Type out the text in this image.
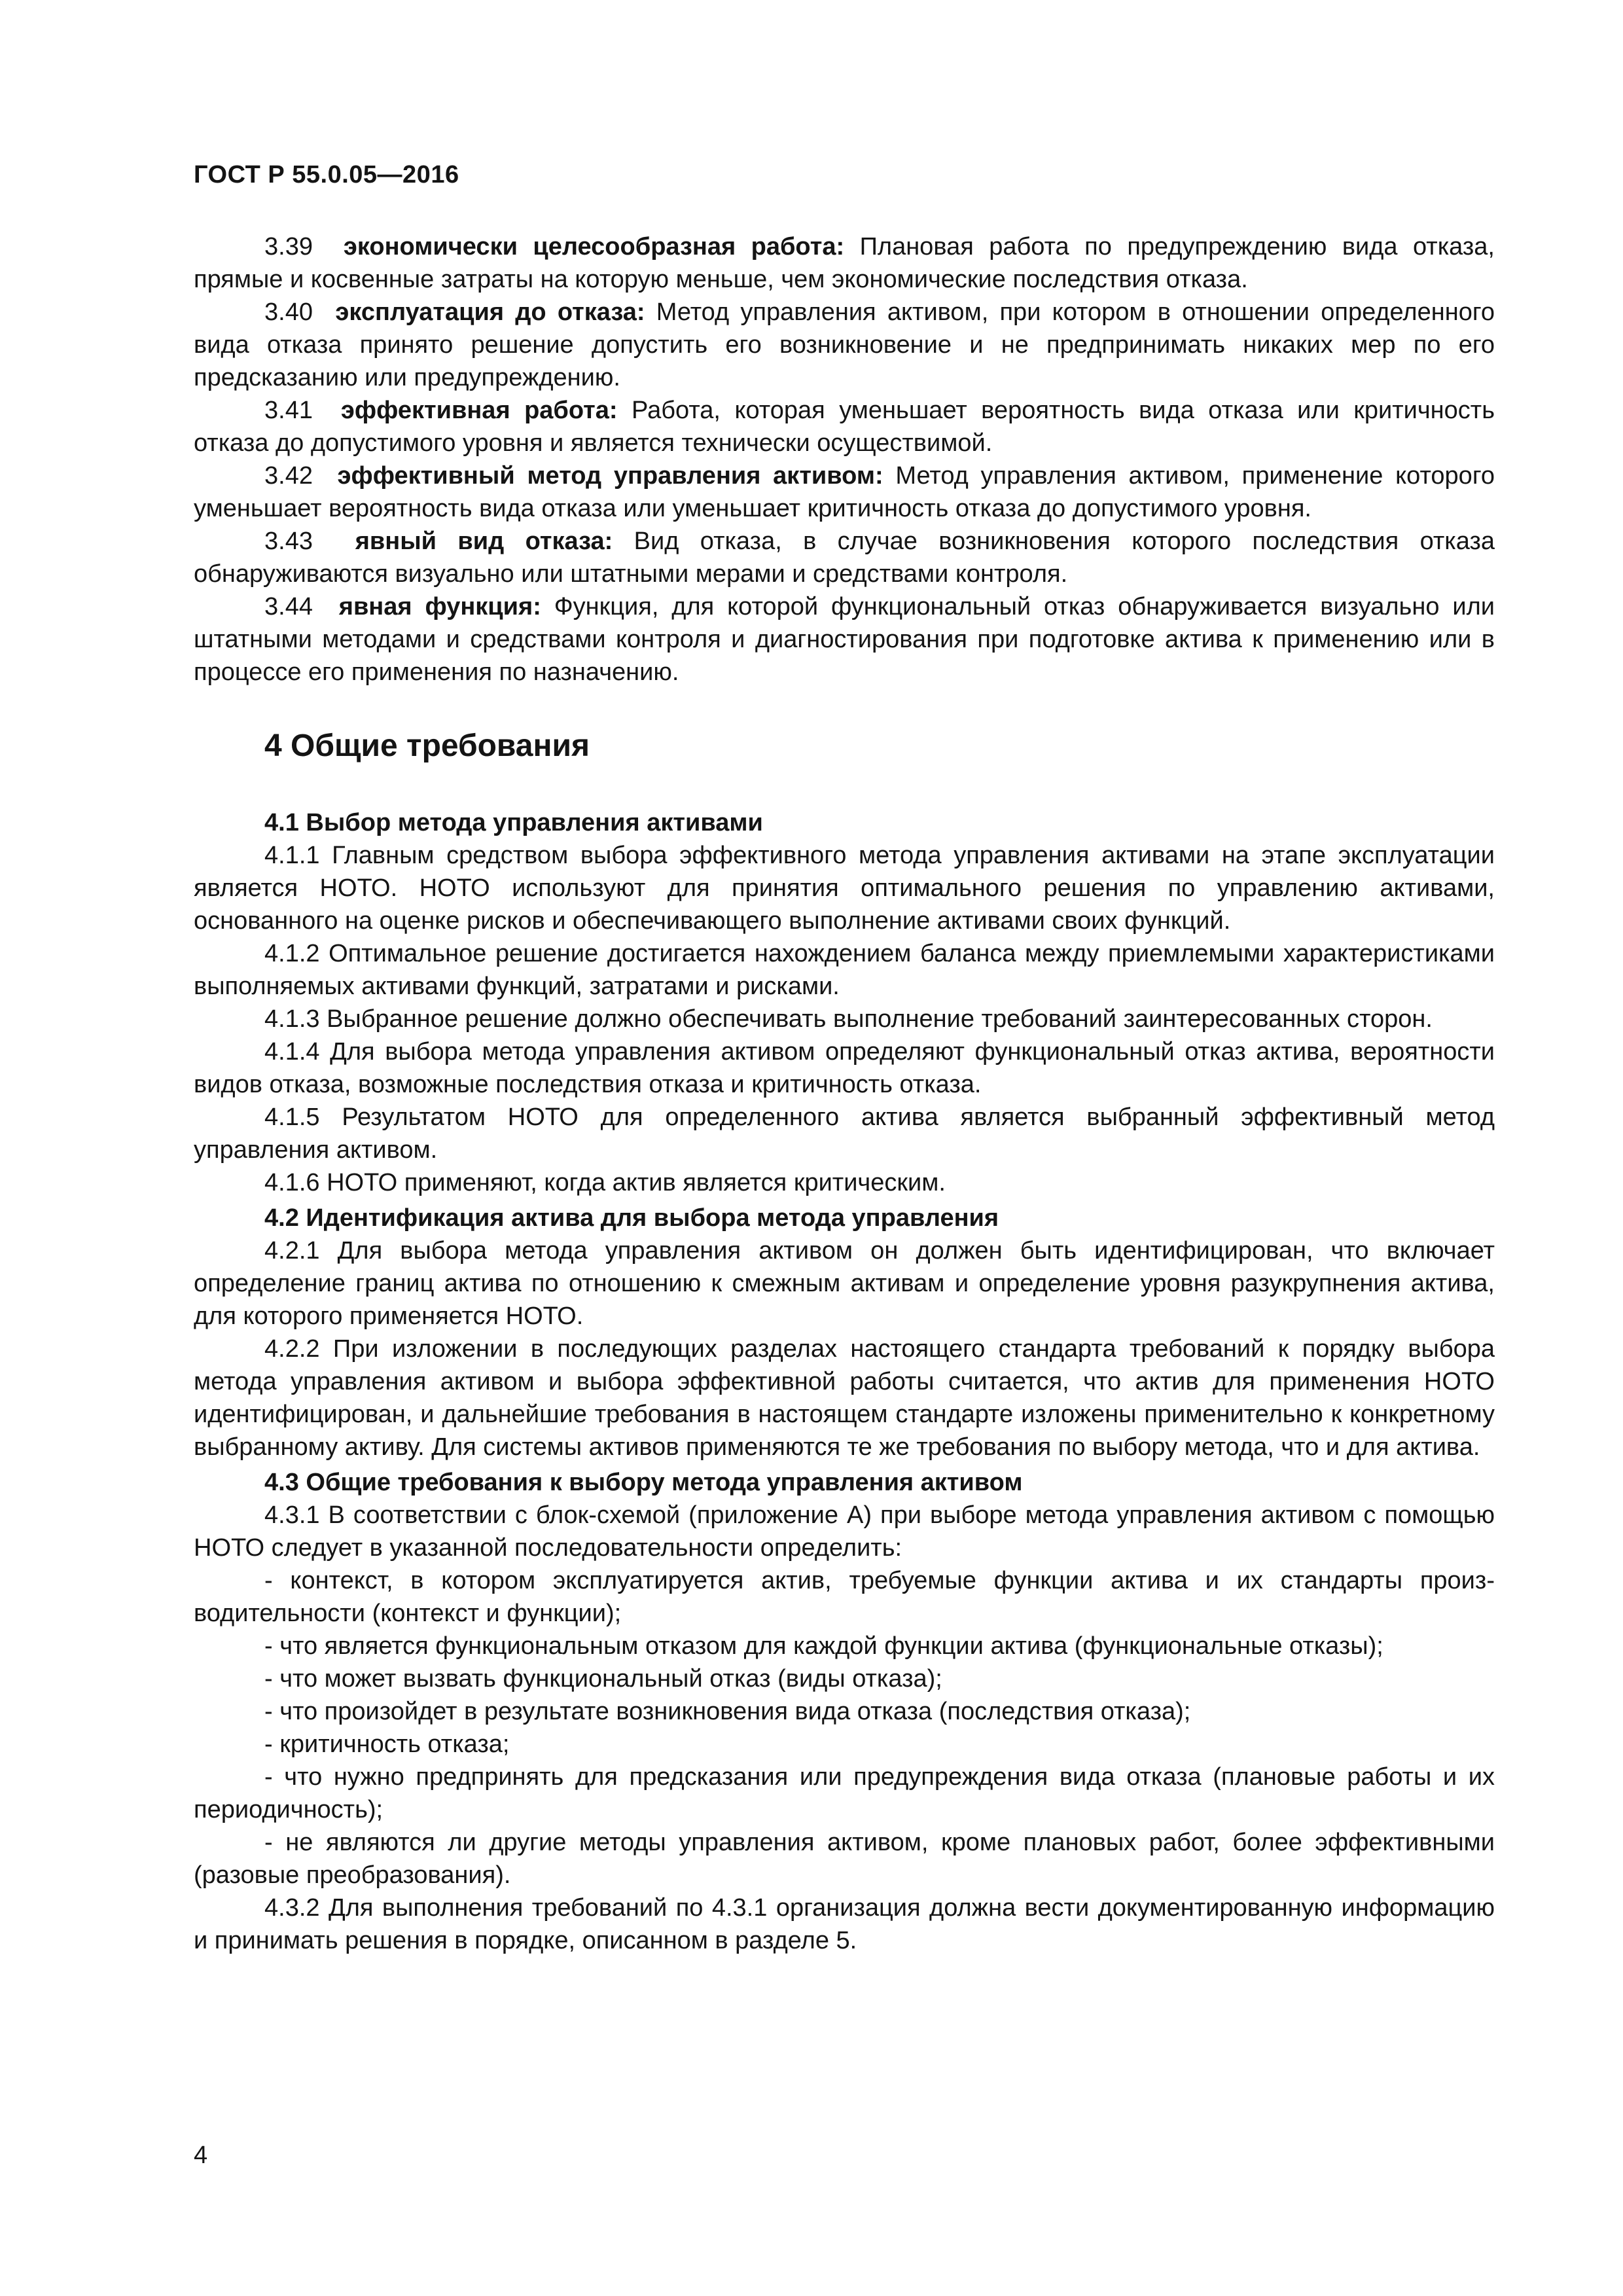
ГОСТ Р 55.0.05—2016

3.39 экономически целесообразная работа: Плановая работа по предупреждению вида отказа, прямые и косвенные затраты на которую меньше, чем экономические последствия отказа.

3.40 эксплуатация до отказа: Метод управления активом, при котором в отношении определенного вида отказа принято решение допустить его возникновение и не предпринимать никаких мер по его предсказанию или предупреждению.

3.41 эффективная работа: Работа, которая уменьшает вероятность вида отказа или критичность отказа до допустимого уровня и является технически осуществимой.

3.42 эффективный метод управления активом: Метод управления активом, применение которого уменьшает вероятность вида отказа или уменьшает критичность отказа до допустимого уровня.

3.43 явный вид отказа: Вид отказа, в случае возникновения которого последствия отказа обнаруживаются визуально или штатными мерами и средствами контроля.

3.44 явная функция: Функция, для которой функциональный отказ обнаруживается визуально или штатными методами и средствами контроля и диагностирования при подготовке актива к применению или в процессе его применения по назначению.

4 Общие требования

4.1 Выбор метода управления активами

4.1.1 Главным средством выбора эффективного метода управления активами на этапе эксплуатации является НОТО. НОТО используют для принятия оптимального решения по управлению активами, основанного на оценке рисков и обеспечивающего выполнение активами своих функций.

4.1.2 Оптимальное решение достигается нахождением баланса между приемлемыми характеристиками выполняемых активами функций, затратами и рисками.

4.1.3 Выбранное решение должно обеспечивать выполнение требований заинтересованных сторон.

4.1.4 Для выбора метода управления активом определяют функциональный отказ актива, вероятности видов отказа, возможные последствия отказа и критичность отказа.

4.1.5 Результатом НОТО для определенного актива является выбранный эффективный метод управления активом.

4.1.6 НОТО применяют, когда актив является критическим.

4.2 Идентификация актива для выбора метода управления

4.2.1 Для выбора метода управления активом он должен быть идентифицирован, что включает определение границ актива по отношению к смежным активам и определение уровня разукрупнения актива, для которого применяется НОТО.

4.2.2 При изложении в последующих разделах настоящего стандарта требований к порядку выбора метода управления активом и выбора эффективной работы считается, что актив для применения НОТО идентифицирован, и дальнейшие требования в настоящем стандарте изложены применительно к конкретному выбранному активу. Для системы активов применяются те же требования по выбору метода, что и для актива.

4.3 Общие требования к выбору метода управления активом

4.3.1 В соответствии с блок-схемой (приложение А) при выборе метода управления активом с помощью НОТО следует в указанной последовательности определить:

- контекст, в котором эксплуатируется актив, требуемые функции актива и их стандарты производительности (контекст и функции);

- что является функциональным отказом для каждой функции актива (функциональные отказы);

- что может вызвать функциональный отказ (виды отказа);

- что произойдет в результате возникновения вида отказа (последствия отказа);

- критичность отказа;

- что нужно предпринять для предсказания или предупреждения вида отказа (плановые работы и их периодичность);

- не являются ли другие методы управления активом, кроме плановых работ, более эффективными (разовые преобразования).

4.3.2 Для выполнения требований по 4.3.1 организация должна вести документированную информацию и принимать решения в порядке, описанном в разделе 5.

4
